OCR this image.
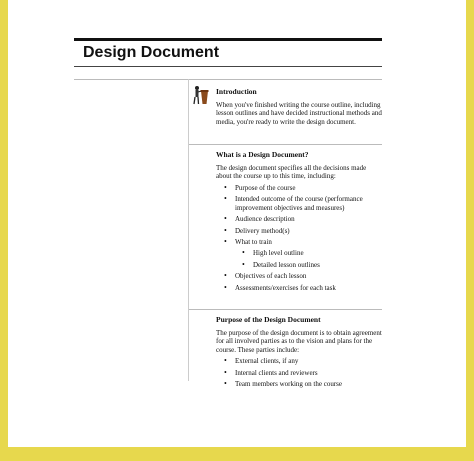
Design Document
Introduction

When you've finished writing the course outline, including lesson outlines and have decided instructional methods and media, you're ready to write the design document.

What is a Design Document?

The design document specifies all the decisions made about the course up to this time, including:

• Purpose of the course
• Intended outcome of the course (performance improvement objectives and measures)
• Audience description
• Delivery method(s)
• What to train
• High level outline
• Detailed lesson outlines
• Objectives of each lesson
• Assessments/exercises for each task
Purpose of the Design Document

The purpose of the design document is to obtain agreement for all involved parties as to the vision and plans for the course. These parties include:

• External clients, if any
• Internal clients and reviewers
• Team members working on the course
